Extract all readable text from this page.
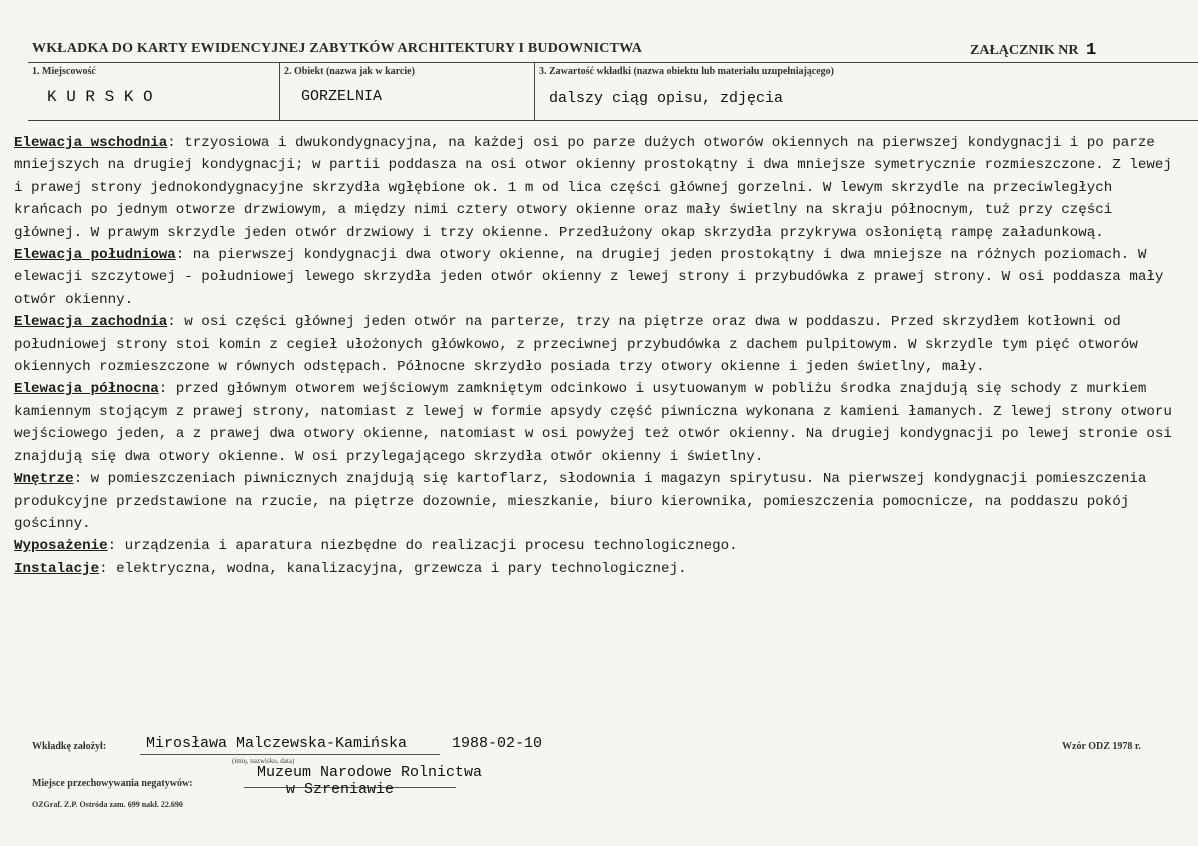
WKŁADKA DO KARTY EWIDENCYJNEJ ZABYTKÓW ARCHITEKTURY I BUDOWNICTWA	ZAŁĄCZNIK NR 1
1. Miejscowość
K U R S K O
2. Obiekt (nazwa jak w karcie)
GORZELNIA
3. Zawartość wkładki (nazwa obiektu lub materiału uzupełniającego)
dalszy ciąg opisu, zdjęcia

Elewacja wschodnia: trzyosiowa i dwukondygnacyjna, na każdej osi po parze dużych otworów okiennych na pierwszej kondygnacji i po parze mniejszych na drugiej kondygnacji; w partii poddasza na osi otwor okienny prostokątny i dwa mniejsze symetrycznie rozmieszczone. Z lewej i prawej strony jednokondygnacyjne skrzydła wgłębione ok. 1 m od lica części głównej gorzelni. W lewym skrzydle na przeciwległych krańcach po jednym otworze drzwiowym, a między nimi cztery otwory okienne oraz mały świetlny na skraju północnym, tuż przy części głównej. W prawym skrzydle jeden otwór drzwiowy i trzy okienne. Przedłużony okap skrzydła przykrywa osłoniętą rampę załadunkową.

Elewacja południowa: na pierwszej kondygnacji dwa otwory okienne, na drugiej jeden prostokątny i dwa mniejsze na różnych poziomach. W elewacji szczytowej - południowej lewego skrzydła jeden otwór okienny z lewej strony i przybudówka z prawej strony. W osi poddasza mały otwór okienny.

Elewacja zachodnia: w osi części głównej jeden otwór na parterze, trzy na piętrze oraz dwa w poddaszu. Przed skrzydłem kotłowni od południowej strony stoi komin z cegieł ułożonych główkowo, z przeciwnej przybudówka z dachem pulpitowym. W skrzydle tym pięć otworów okiennych rozmieszczone w równych odstępach. Północne skrzydło posiada trzy otwory okienne i jeden świetlny, mały.

Elewacja północna: przed głównym otworem wejściowym zamkniętym odcinkowo i usytuowanym w pobliżu środka znajdują się schody z murkiem kamiennym stojącym z prawej strony, natomiast z lewej w formie apsydy część piwniczna wykonana z kamieni łamanych. Z lewej strony otworu wejściowego jeden, a z prawej dwa otwory okienne, natomiast w osi powyżej też otwór okienny. Na drugiej kondygnacji po lewej stronie osi znajdują się dwa otwory okienne. W osi przylegającego skrzydła otwór okienny i świetlny.

Wnętrze: w pomieszczeniach piwnicznych znajdują się kartoflarz, słodownia i magazyn spirytusu. Na pierwszej kondygnacji pomieszczenia produkcyjne przedstawione na rzucie, na piętrze dozownie, mieszkanie, biuro kierownika, pomieszczenia pomocnicze, na poddaszu pokój gościnny.

Wyposażenie: urządzenia i aparatura niezbędne do realizacji procesu technologicznego.

Instalacje: elektryczna, wodna, kanalizacyjna, grzewcza i pary technologicznej.

Wkładkę założył:	Mirosława Malczewska-Kamińska	1988-02-10
(imię, nazwisko, data)
Wzór ODZ 1978 r.
Miejsce przechowywania negatywów:
Muzeum Narodowe Rolnictwa
w Szreniawie
OZGraf. Z.P. Ostróda zam. 699 nakł. 22.690
